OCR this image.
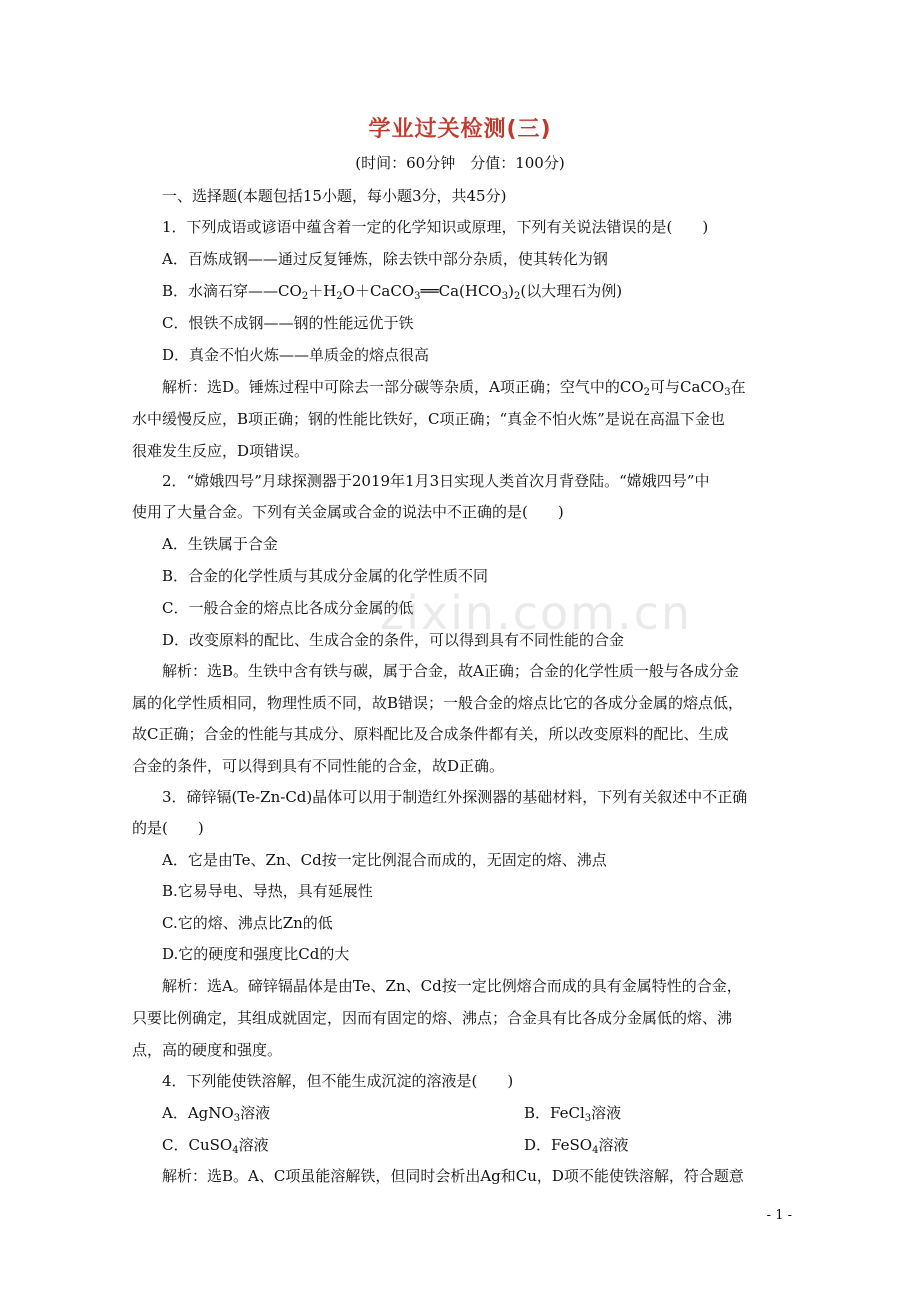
学业过关检测(三)
(时间：60分钟　分值：100分)
一、选择题(本题包括15小题，每小题3分，共45分)
1．下列成语或谚语中蕴含着一定的化学知识或原理，下列有关说法错误的是(　　)
A．百炼成钢——通过反复锤炼，除去铁中部分杂质，使其转化为钢
B．水滴石穿$——CO_2+H_2O+CaCO_3══Ca(HCO_3)_2$(以大理石为例)
C．恨铁不成钢——钢的性能远优于铁
D．真金不怕火炼——单质金的熔点很高
解析：选D。锤炼过程中可除去一部分碳等杂质，A项正确；空气中的$CO_2$可与CaCO$_3$在
水中缓慢反应，B项正确；钢的性能比铁好，C项正确；“真金不怕火炼”是说在高温下金也
很难发生反应，D项错误。
2．“嫦娥四号”月球探测器于2019年1月3日实现人类首次月背登陆。“嫦娥四号”中
使用了大量合金。下列有关金属或合金的说法中不正确的是(　　)
A．生铁属于合金
B．合金的化学性质与其成分金属的化学性质不同
C．一般合金的熔点比各成分金属的低
D．改变原料的配比、生成合金的条件，可以得到具有不同性能的合金
解析：选B。生铁中含有铁与碳，属于合金，故A正确；合金的化学性质一般与各成分金
属的化学性质相同，物理性质不同，故B错误；一般合金的熔点比它的各成分金属的熔点低，
故C正确；合金的性能与其成分、原料配比及合成条件都有关，所以改变原料的配比、生成
合金的条件，可以得到具有不同性能的合金，故D正确。
3．碲锌镉(Te-Zn-Cd)晶体可以用于制造红外探测器的基础材料，下列有关叙述中不正确
的是(　　)
A．它是由Te、Zn、Cd按一定比例混合而成的，无固定的熔、沸点
B.它易导电、导热，具有延展性
C.它的熔、沸点比Zn的低
D.它的硬度和强度比Cd的大
解析：选A。碲锌镉晶体是由Te、Zn、Cd按一定比例熔合而成的具有金属特性的合金，
只要比例确定，其组成就固定，因而有固定的熔、沸点；合金具有比各成分金属低的熔、沸
点，高的硬度和强度。
4．下列能使铁溶解，但不能生成沉淀的溶液是(　　)
A．AgNO$_3$溶液	B．FeCl$_3$溶液
C．CuSO$_4$溶液	D．FeSO$_4$溶液
解析：选B。A、C项虽能溶解铁，但同时会析出Ag和Cu，D项不能使铁溶解，符合题意
zixin.com.cn
- 1 -
